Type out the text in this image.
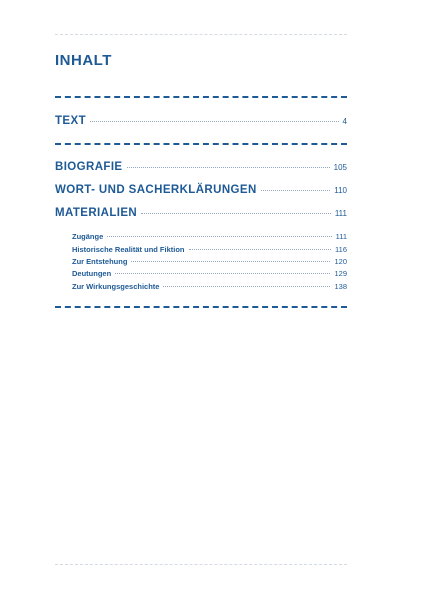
INHALT
TEXT	4
BIOGRAFIE	105
WORT- UND SACHERKLÄRUNGEN	110
MATERIALIEN	111
Zugänge	111
Historische Realität und Fiktion	116
Zur Entstehung	120
Deutungen	129
Zur Wirkungsgeschichte	138
